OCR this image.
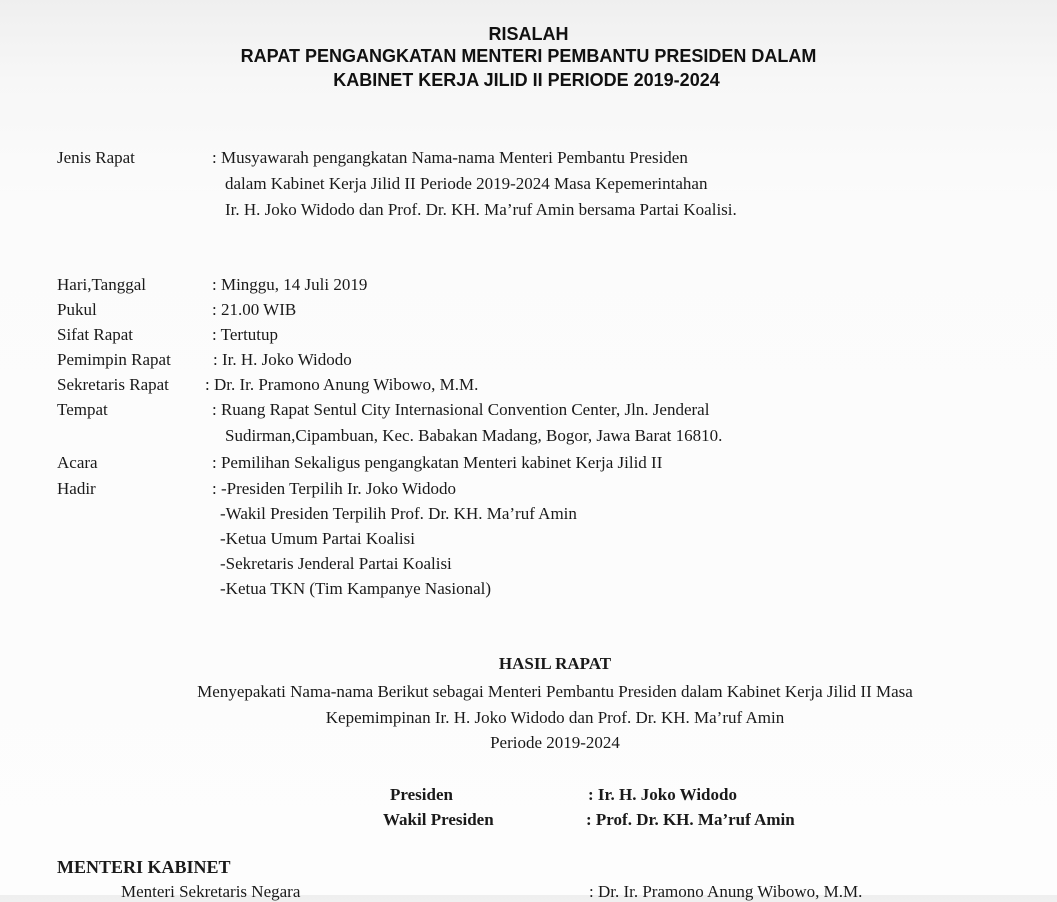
RISALAH
RAPAT PENGANGKATAN MENTERI PEMBANTU PRESIDEN DALAM
KABINET KERJA JILID II PERIODE 2019-2024
Jenis Rapat	: Musyawarah pengangkatan Nama-nama Menteri Pembantu Presiden
dalam Kabinet Kerja Jilid II Periode 2019-2024 Masa Kepemerintahan
Ir. H. Joko Widodo dan Prof. Dr. KH. Ma’ruf Amin bersama Partai Koalisi.
Hari,Tanggal	: Minggu, 14 Juli 2019
Pukul	: 21.00 WIB
Sifat Rapat	: Tertutup
Pemimpin Rapat : Ir. H. Joko Widodo
Sekretaris Rapat : Dr. Ir. Pramono Anung Wibowo, M.M.
Tempat	: Ruang Rapat Sentul City Internasional Convention Center, Jln. Jenderal
Sudirman,Cipambuan, Kec. Babakan Madang, Bogor, Jawa Barat 16810.
Acara	: Pemilihan Sekaligus pengangkatan Menteri kabinet Kerja Jilid II
Hadir	: -Presiden Terpilih Ir. Joko Widodo
-Wakil Presiden Terpilih Prof. Dr. KH. Ma’ruf Amin
-Ketua Umum Partai Koalisi
-Sekretaris Jenderal Partai Koalisi
-Ketua TKN (Tim Kampanye Nasional)
HASIL RAPAT
Menyepakati Nama-nama Berikut sebagai Menteri Pembantu Presiden dalam Kabinet Kerja Jilid II Masa
Kepemimpinan Ir. H. Joko Widodo dan Prof. Dr. KH. Ma’ruf Amin
Periode 2019-2024
Presiden	: Ir. H. Joko Widodo
Wakil Presiden	: Prof. Dr. KH. Ma’ruf Amin
MENTERI KABINET
Menteri Sekretaris Negara	: Dr. Ir. Pramono Anung Wibowo, M.M.
